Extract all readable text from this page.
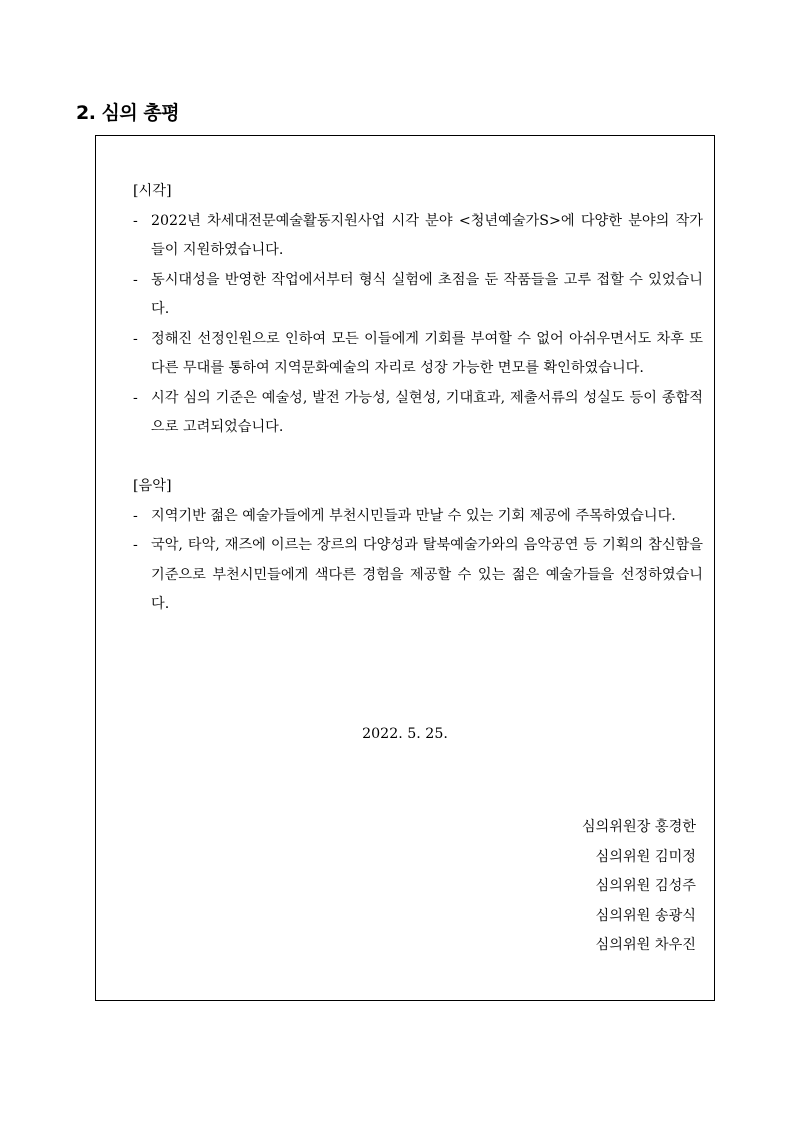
2. 심의 총평

[시각]

- 2022년 차세대전문예술활동지원사업 시각 분야 <청년예술가S>에 다양한 분야의 작가들이 지원하였습니다.

- 동시대성을 반영한 작업에서부터 형식 실험에 초점을 둔 작품들을 고루 접할 수 있었습니다.

- 정해진 선정인원으로 인하여 모든 이들에게 기회를 부여할 수 없어 아쉬우면서도 차후 또 다른 무대를 통하여 지역문화예술의 자리로 성장 가능한 면모를 확인하였습니다.

- 시각 심의 기준은 예술성, 발전 가능성, 실현성, 기대효과, 제출서류의 성실도 등이 종합적으로 고려되었습니다.

[음악]

- 지역기반 젊은 예술가들에게 부천시민들과 만날 수 있는 기회 제공에 주목하였습니다.

- 국악, 타악, 재즈에 이르는 장르의 다양성과 탈북예술가와의 음악공연 등 기획의 참신함을 기준으로 부천시민들에게 색다른 경험을 제공할 수 있는 젊은 예술가들을 선정하였습니다.

2022. 5. 25.
심의위원장 홍경한
심의위원 김미정
심의위원 김성주
심의위원 송광식
심의위원 차우진
